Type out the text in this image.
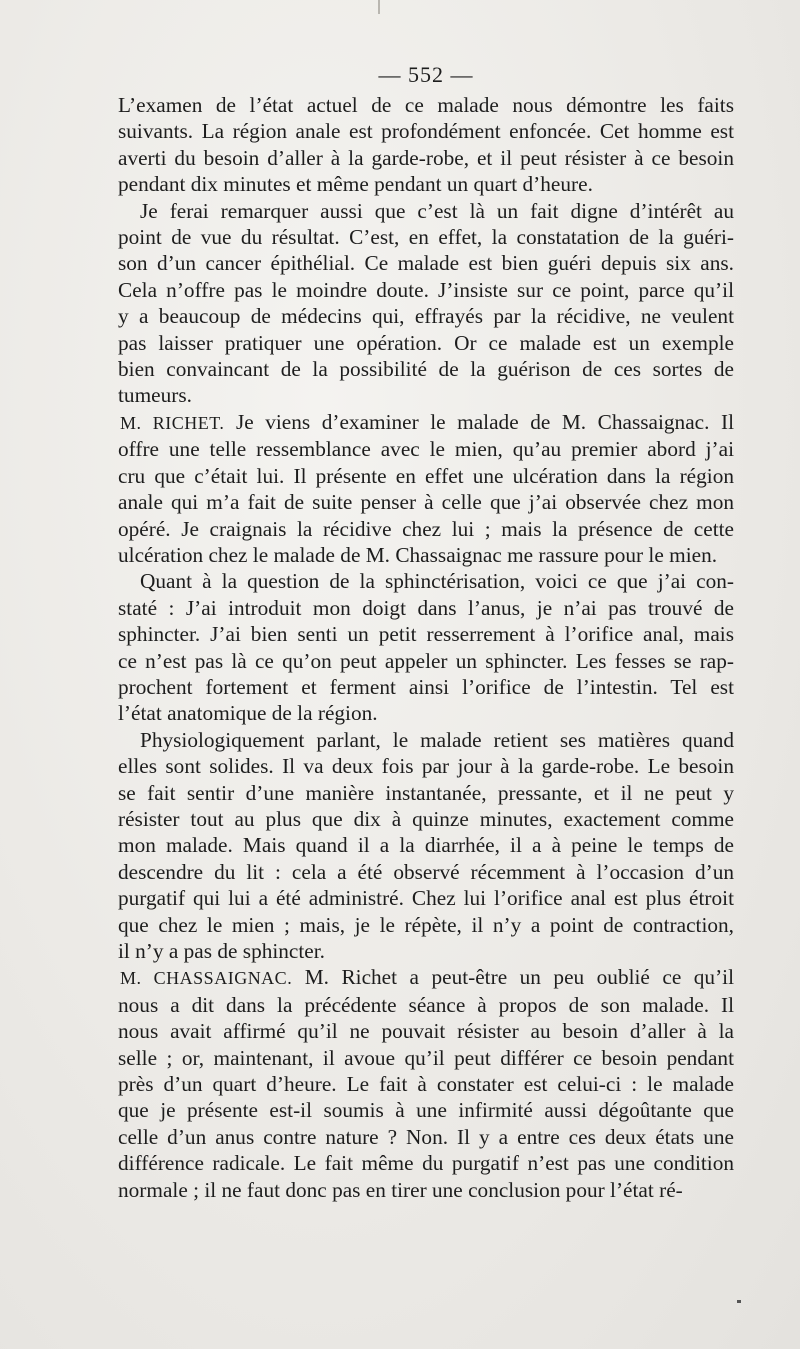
— 552 —

L’examen de l’état actuel de ce malade nous démontre les faits
suivants. La région anale est profondément enfoncée. Cet homme est
averti du besoin d’aller à la garde-robe, et il peut résister à ce besoin
pendant dix minutes et même pendant un quart d’heure.

Je ferai remarquer aussi que c’est là un fait digne d’intérêt au
point de vue du résultat. C’est, en effet, la constatation de la guéri-
son d’un cancer épithélial. Ce malade est bien guéri depuis six ans.
Cela n’offre pas le moindre doute. J’insiste sur ce point, parce qu’il
y a beaucoup de médecins qui, effrayés par la récidive, ne veulent
pas laisser pratiquer une opération. Or ce malade est un exemple
bien convaincant de la possibilité de la guérison de ces sortes de
tumeurs.

M. RICHET. Je viens d’examiner le malade de M. Chassaignac. Il
offre une telle ressemblance avec le mien, qu’au premier abord j’ai
cru que c’était lui. Il présente en effet une ulcération dans la région
anale qui m’a fait de suite penser à celle que j’ai observée chez mon
opéré. Je craignais la récidive chez lui ; mais la présence de cette
ulcération chez le malade de M. Chassaignac me rassure pour le mien.

Quant à la question de la sphinctérisation, voici ce que j’ai con-
staté : J’ai introduit mon doigt dans l’anus, je n’ai pas trouvé de
sphincter. J’ai bien senti un petit resserrement à l’orifice anal, mais
ce n’est pas là ce qu’on peut appeler un sphincter. Les fesses se rap-
prochent fortement et ferment ainsi l’orifice de l’intestin. Tel est
l’état anatomique de la région.

Physiologiquement parlant, le malade retient ses matières quand
elles sont solides. Il va deux fois par jour à la garde-robe. Le besoin
se fait sentir d’une manière instantanée, pressante, et il ne peut y
résister tout au plus que dix à quinze minutes, exactement comme
mon malade. Mais quand il a la diarrhée, il a à peine le temps de
descendre du lit : cela a été observé récemment à l’occasion d’un
purgatif qui lui a été administré. Chez lui l’orifice anal est plus étroit
que chez le mien ; mais, je le répète, il n’y a point de contraction,
il n’y a pas de sphincter.

M. CHASSAIGNAC. M. Richet a peut-être un peu oublié ce qu’il
nous a dit dans la précédente séance à propos de son malade. Il
nous avait affirmé qu’il ne pouvait résister au besoin d’aller à la
selle ; or, maintenant, il avoue qu’il peut différer ce besoin pendant
près d’un quart d’heure. Le fait à constater est celui-ci : le malade
que je présente est-il soumis à une infirmité aussi dégoûtante que
celle d’un anus contre nature ? Non. Il y a entre ces deux états une
différence radicale. Le fait même du purgatif n’est pas une condition
normale ; il ne faut donc pas en tirer une conclusion pour l’état ré-
